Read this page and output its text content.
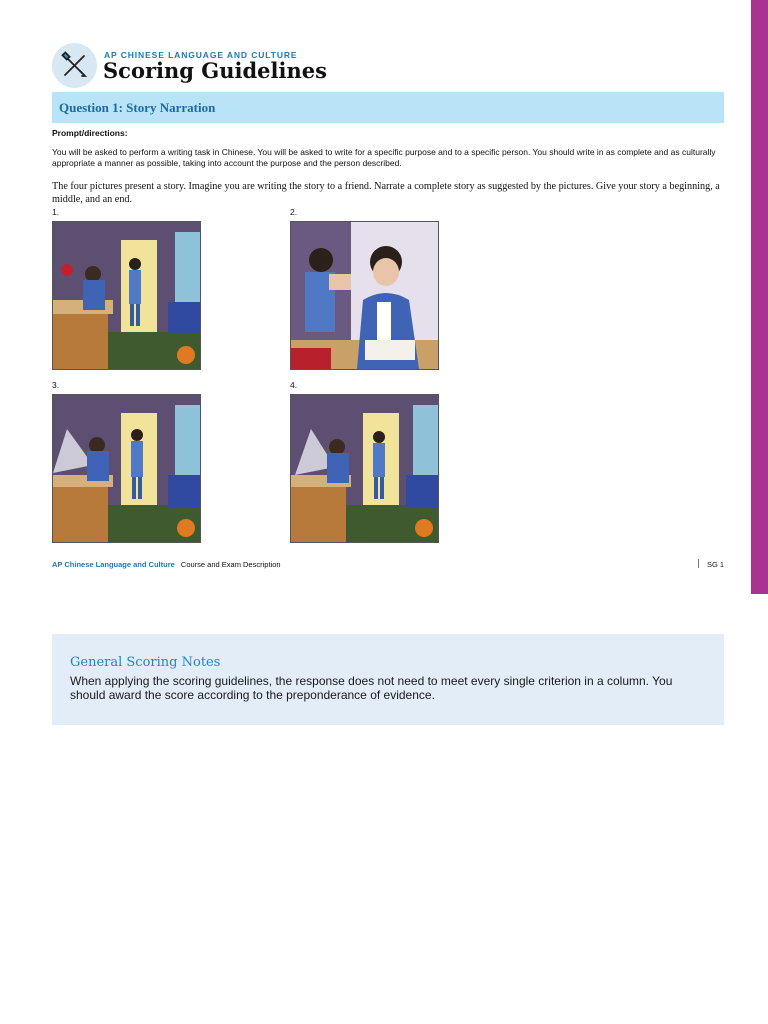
AP CHINESE LANGUAGE AND CULTURE
Scoring Guidelines
Question 1: Story Narration
Prompt/directions:
You will be asked to perform a writing task in Chinese. You will be asked to write for a specific purpose and to a specific person. You should write in as complete and as culturally appropriate a manner as possible, taking into account the purpose and the person described.
The four pictures present a story. Imagine you are writing the story to a friend. Narrate a complete story as suggested by the pictures. Give your story a beginning, a middle, and an end.
1.	2.
3.	4.
AP Chinese Language and Culture Course and Exam Description	SG 1
General Scoring Notes
When applying the scoring guidelines, the response does not need to meet every single criterion in a column. You should award the score according to the preponderance of evidence.
